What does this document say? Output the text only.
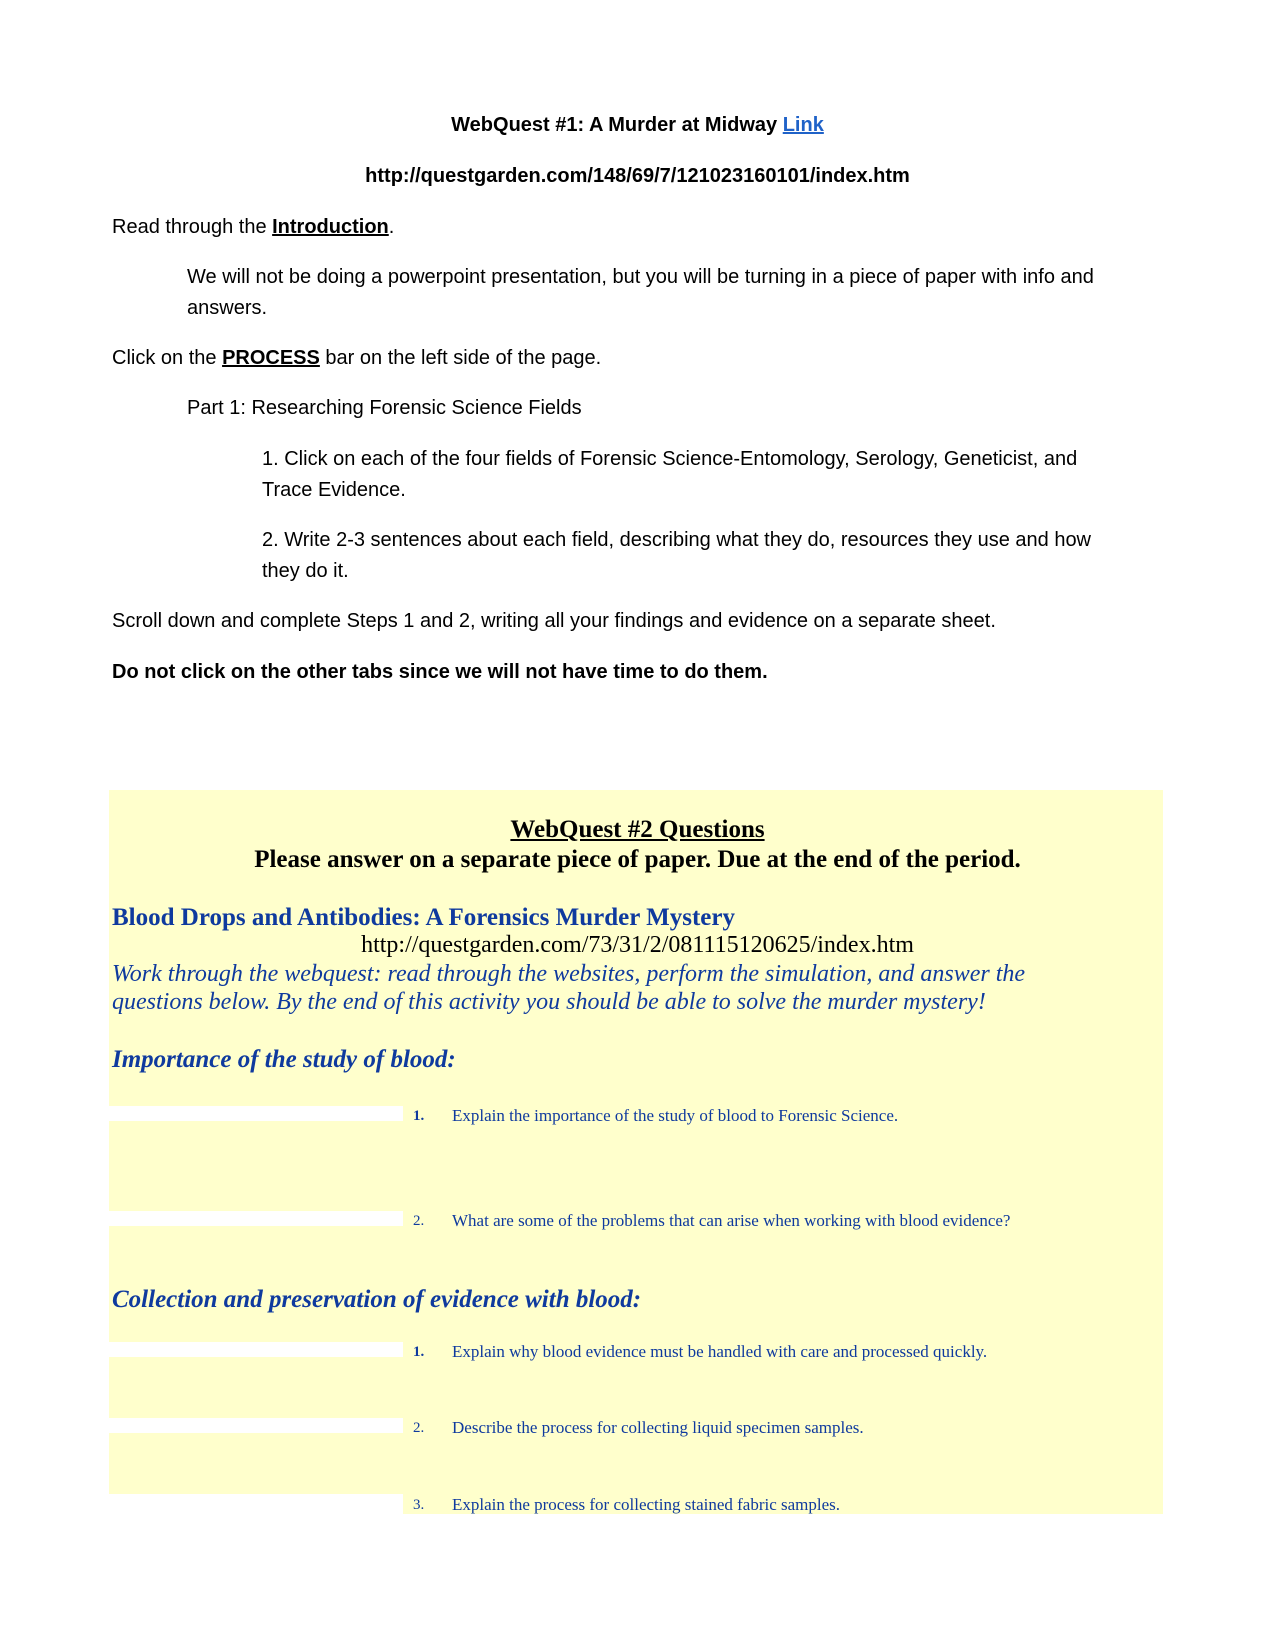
WebQuest #1: A Murder at Midway Link
http://questgarden.com/148/69/7/121023160101/index.htm
Read through the Introduction.
We will not be doing a powerpoint presentation, but you will be turning in a piece of paper with info and
answers.
Click on the PROCESS bar on the left side of the page.
Part 1: Researching Forensic Science Fields
1. Click on each of the four fields of Forensic Science-Entomology, Serology, Geneticist, and
Trace Evidence.
2. Write 2-3 sentences about each field, describing what they do, resources they use and how
they do it.
Scroll down and complete Steps 1 and 2, writing all your findings and evidence on a separate sheet.
Do not click on the other tabs since we will not have time to do them.
WebQuest #2 Questions
Please answer on a separate piece of paper. Due at the end of the period.
Blood Drops and Antibodies: A Forensics Murder Mystery
http://questgarden.com/73/31/2/081115120625/index.htm
Work through the webquest: read through the websites, perform the simulation, and answer the
questions below. By the end of this activity you should be able to solve the murder mystery!
Importance of the study of blood:
1. Explain the importance of the study of blood to Forensic Science.
2. What are some of the problems that can arise when working with blood evidence?
Collection and preservation of evidence with blood:
1. Explain why blood evidence must be handled with care and processed quickly.
2. Describe the process for collecting liquid specimen samples.
3. Explain the process for collecting stained fabric samples.
